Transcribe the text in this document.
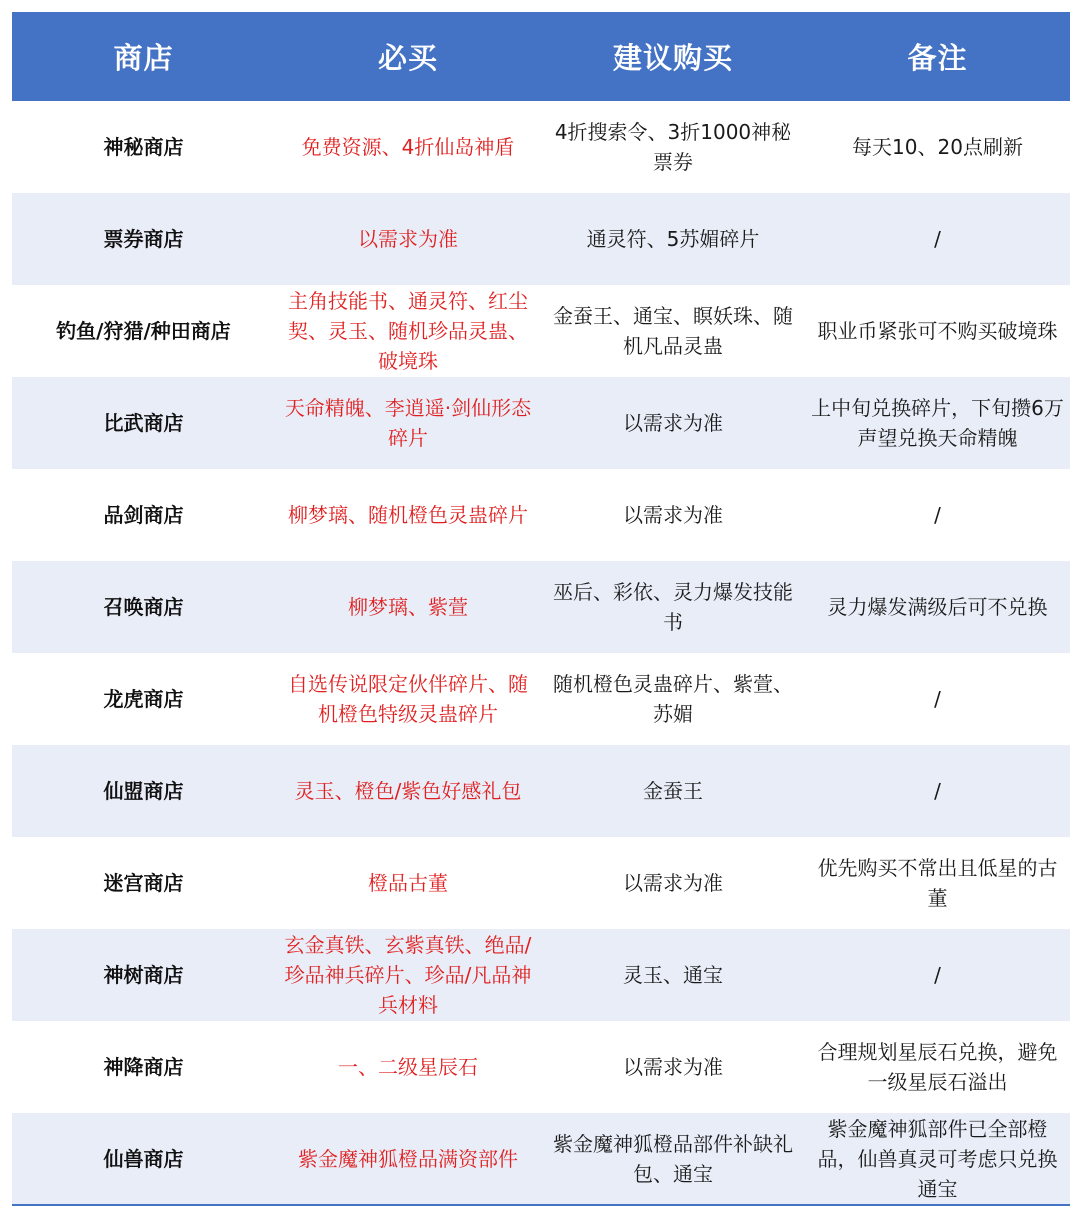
商店	必买	建议购买	备注
神秘商店	免费资源、4折仙岛神盾	4折搜索令、3折1000神秘票券	每天10、20点刷新
票券商店	以需求为准	通灵符、5苏媚碎片	/
钓鱼/狩猎/种田商店	主角技能书、通灵符、红尘契、灵玉、随机珍品灵蛊、破境珠	金蚕王、通宝、瞑妖珠、随机凡品灵蛊	职业币紧张可不购买破境珠
比武商店	天命精魄、李逍遥·剑仙形态碎片	以需求为准	上中旬兑换碎片，下旬攒6万声望兑换天命精魄
品剑商店	柳梦璃、随机橙色灵蛊碎片	以需求为准	/
召唤商店	柳梦璃、紫萱	巫后、彩依、灵力爆发技能书	灵力爆发满级后可不兑换
龙虎商店	自选传说限定伙伴碎片、随机橙色特级灵蛊碎片	随机橙色灵蛊碎片、紫萱、苏媚	/
仙盟商店	灵玉、橙色/紫色好感礼包	金蚕王	/
迷宫商店	橙品古董	以需求为准	优先购买不常出且低星的古董
神树商店	玄金真铁、玄紫真铁、绝品/珍品神兵碎片、珍品/凡品神兵材料	灵玉、通宝	/
神降商店	一、二级星辰石	以需求为准	合理规划星辰石兑换，避免一级星辰石溢出
仙兽商店	紫金魔神狐橙品满资部件	紫金魔神狐橙品部件补缺礼包、通宝	紫金魔神狐部件已全部橙品，仙兽真灵可考虑只兑换通宝
